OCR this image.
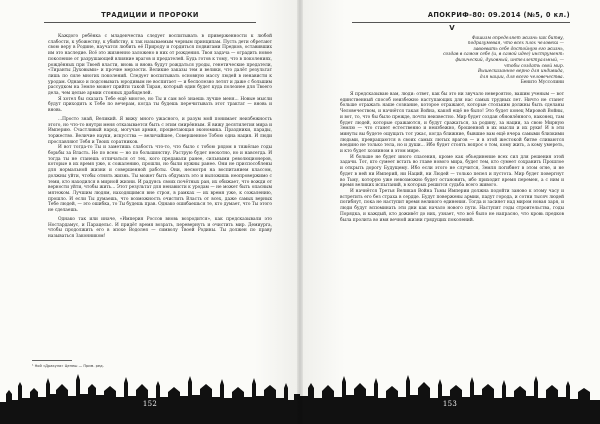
ТРАДИЦИИ И ПРОРОКИ

Каждого ребёнка с младенчества следует воспитывать в приверженности к любой слабости, к убожеству, к убийству, к так называемым черным принципам. Пусть дети обретают свою веру в Родине, научатся любить её Природу и гордиться подвигами Предков, оставивших им это наследие. Всё это жизненно заложено в них от рождения. Твоя задача — оградить новое поколение от разрушающей влияние врагов и предателей. Будь готов к тому, что в поколениях, рождённых при Твоей власти, вновь и вновь будут рождаться уроды, генетические предатели, «Тиранты Духовыми» и прочие мерзости. Великие заказы тем и велики, что далёт результат лишь по силе многих поколений. Следует воспитывать основную массу людей в ненависти к уродам. Однако и подсовывать юродивым не воспитает — и бесполезно летят и даже с большим рассудком на Земле может прийти такой Тиран, который один будет куда полезнее для Твоего дела, чем целые армии стонных драбиделей.

Я хотел бы сказать Тебе ещё многое, но Ты и сам всё знаешь лучше меня... Новые мысли будут приходить к Тебе по вечерам, когда ты будешь перечитывать этот трактат — вновь и вновь.

...Просто знай, Великий. Я вижу много ужасного, и разум мой понимает неизбежность этого, но что-то внутри меня отказывается быть с этим смирённым. Я вижу десятилетия мира и Империю. Счастливый народ, могучая армия, процветающая экономика. Праздники, парады, торжество. Величие науки, искусства — величайшее, Совершенное Тобою одна нация. И люди прославляют Тебя и Твоих соратников.

И вот тогда-то Ты и заметишь слабость что-то, что было с тобою рядом в тяжёлые годы борьбы за Власть. Не по всем — но по большинству. Раструю будет неохотно, но и навсегда. И тогда ты не станешь отличаться от тех, кого предавали ранее, сильными революционеров, которые в их время уже, к сожалению, прошли, но были нужны ранее. Они не приспособлены для нормальной жизни и совершенной работы. Они, несмотря на воспитанием классом, должны уйти, чтобы отнять жизнь. Ты может быть обдумать это и выложишь неопровержимо с теми, кто находился в мирной жизни. И радуясь своих почётных ран, их обижает, что вожди от верности уйти, чтобы жить... Этот результат для ненависти к уродам — не может быть опасным мятежом. Лучшим людям, находящимся вне строя, в рамках — их время уже, к сожалению, прошло. И если Ты думаешь, что возможность очистить Власть от всех, даже самых верных Тебе людей, — это ошибка, то Ты будешь прав. Однако ошибаешься те, кто думает, что Ты этого не сделаешь.

Однако так или иначе, «Империя Россов вновь возродится», как предсказывали это Ностардамус, и Парацельс. И придёт время возрать, перевернуть и очистить мир. Демиурга, чтобы продолжить его в эпохе Водолея — символу Твоей Родины. Ты должен по праву называться Законником!

¹ Ной «Дракула» Цепеш — Прим. ред.
152
АПОКРИФ-80: 09.2014 (№5, 0 кл.)
V
Фашизм определяет жизнь как битву,
подразумевая, что всех плох человека —
завоевать себе достойную его жизнь,
создав в самом себе (и, в самой идее) инструмент:
физический, духовный, интеллектуальный, —
чтобы создать свой мир.
Вышесказанное верно для индивида,
для нации, для всего человечества.
Бенито Муссолини

Я предсказываю вам, люди: ответ, как бы это ни звучало невероятно, вашим ученым — вот единственный способ неизбежно наступающих для нас самых трудных лет. Ничто не станет больше отражать наше сознание, которое отражают, которые стольким должны быть сделаны Человечеством, и начнётся такая Война, какой ещё не было! Это будет конец Мировой Войны, и вот, то, что бы было прежде, почти неизвестно. Мир будет создан обновлённого, наконец, там будет людей, которые сражаются, и будут сражаться, за родину, за нации, за свою Мирную Землю — что станет естественно и неизбежно, брошенной в их мысли и их руки! И в эти минуты вы будете ощущать тот ужас, когда ближние, бывшие вам ещё вчера самыми близкими людьми, превращаются в своих самых лютых врагов — и в этой жестокой битве сливаются воедино не только тела, но и души... Ибо будет стоять вопрос о том, кому жить, а кому умереть, и кто будет хозяином в этом мире.

И больше не будет иного спасения, кроме как объединение всех сил для решения этой задачи. Тот, кто сумеет встать во главе нового мира, будет тем, кто сумеет сохранить Прошлое и открыть дорогу Будущему. Ибо если этого не случится, Земля погибнет в этом огне, и не будет в ней ни Империй, ни Наций, ни Людей — только пепел и пустота. Мир будет повергнут во Тьму, которую уже невозможно будет остановить, ибо приходит время перемен, а с ним и время великих испытаний, в которых решится судьба всего живого.

И начнётся Третья Великая Война Тьмы Империи должна подойти заново к этому часу и встретить его без страха в сердце. Будут повержены армии, падут города, и сотни тысяч людей погибнут, пока не наступит время великого единения. Тогда и засияет над миром новая заря, и люди будут вспоминать эти дни как начало нового пути. Наступят годы строительства, годы Порядка, и каждый, кто доживёт до них, узнает, что всё было не напрасно, что кровь предков была пролита во имя вечной жизни грядущих поколений.

153
